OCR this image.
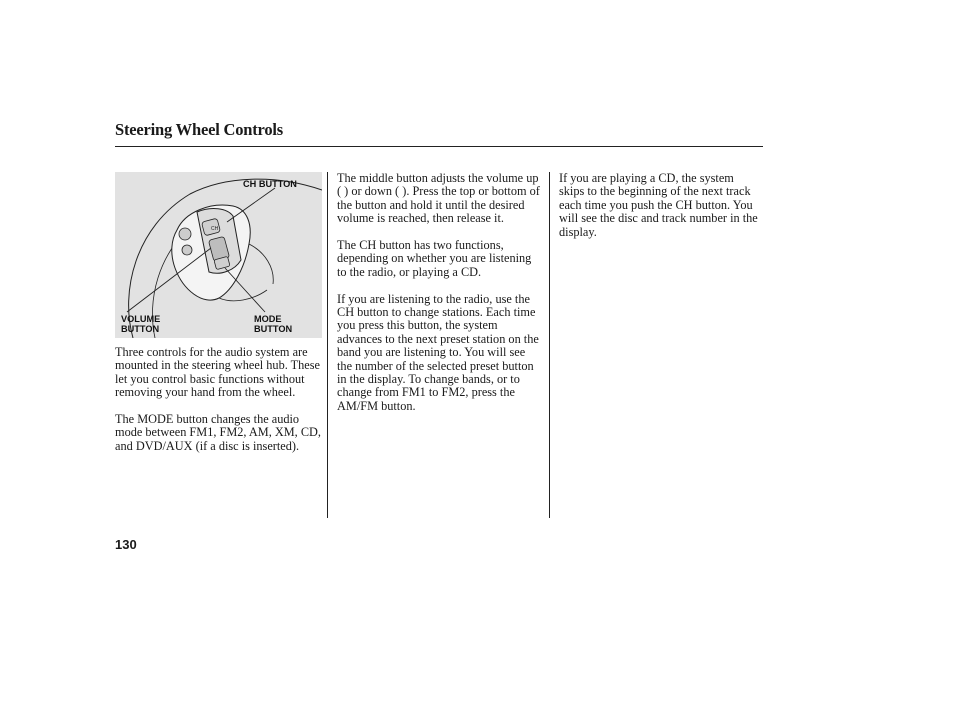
Steering Wheel Controls
CH
CH BUTTON
VOLUME
BUTTON
MODE
BUTTON

Three controls for the audio system are mounted in the steering wheel hub. These let you control basic functions without removing your hand from the wheel.

The MODE button changes the audio mode between FM1, FM2, AM, XM, CD, and DVD/AUX (if a disc is inserted).

The middle button adjusts the volume up ( ) or down ( ). Press the top or bottom of the button and hold it until the desired volume is reached, then release it.

The CH button has two functions, depending on whether you are listening to the radio, or playing a CD.

If you are listening to the radio, use the CH button to change stations. Each time you press this button, the system advances to the next preset station on the band you are listening to. You will see the number of the selected preset button in the display. To change bands, or to change from FM1 to FM2, press the AM/FM button.

If you are playing a CD, the system skips to the beginning of the next track each time you push the CH button. You will see the disc and track number in the display.

130
